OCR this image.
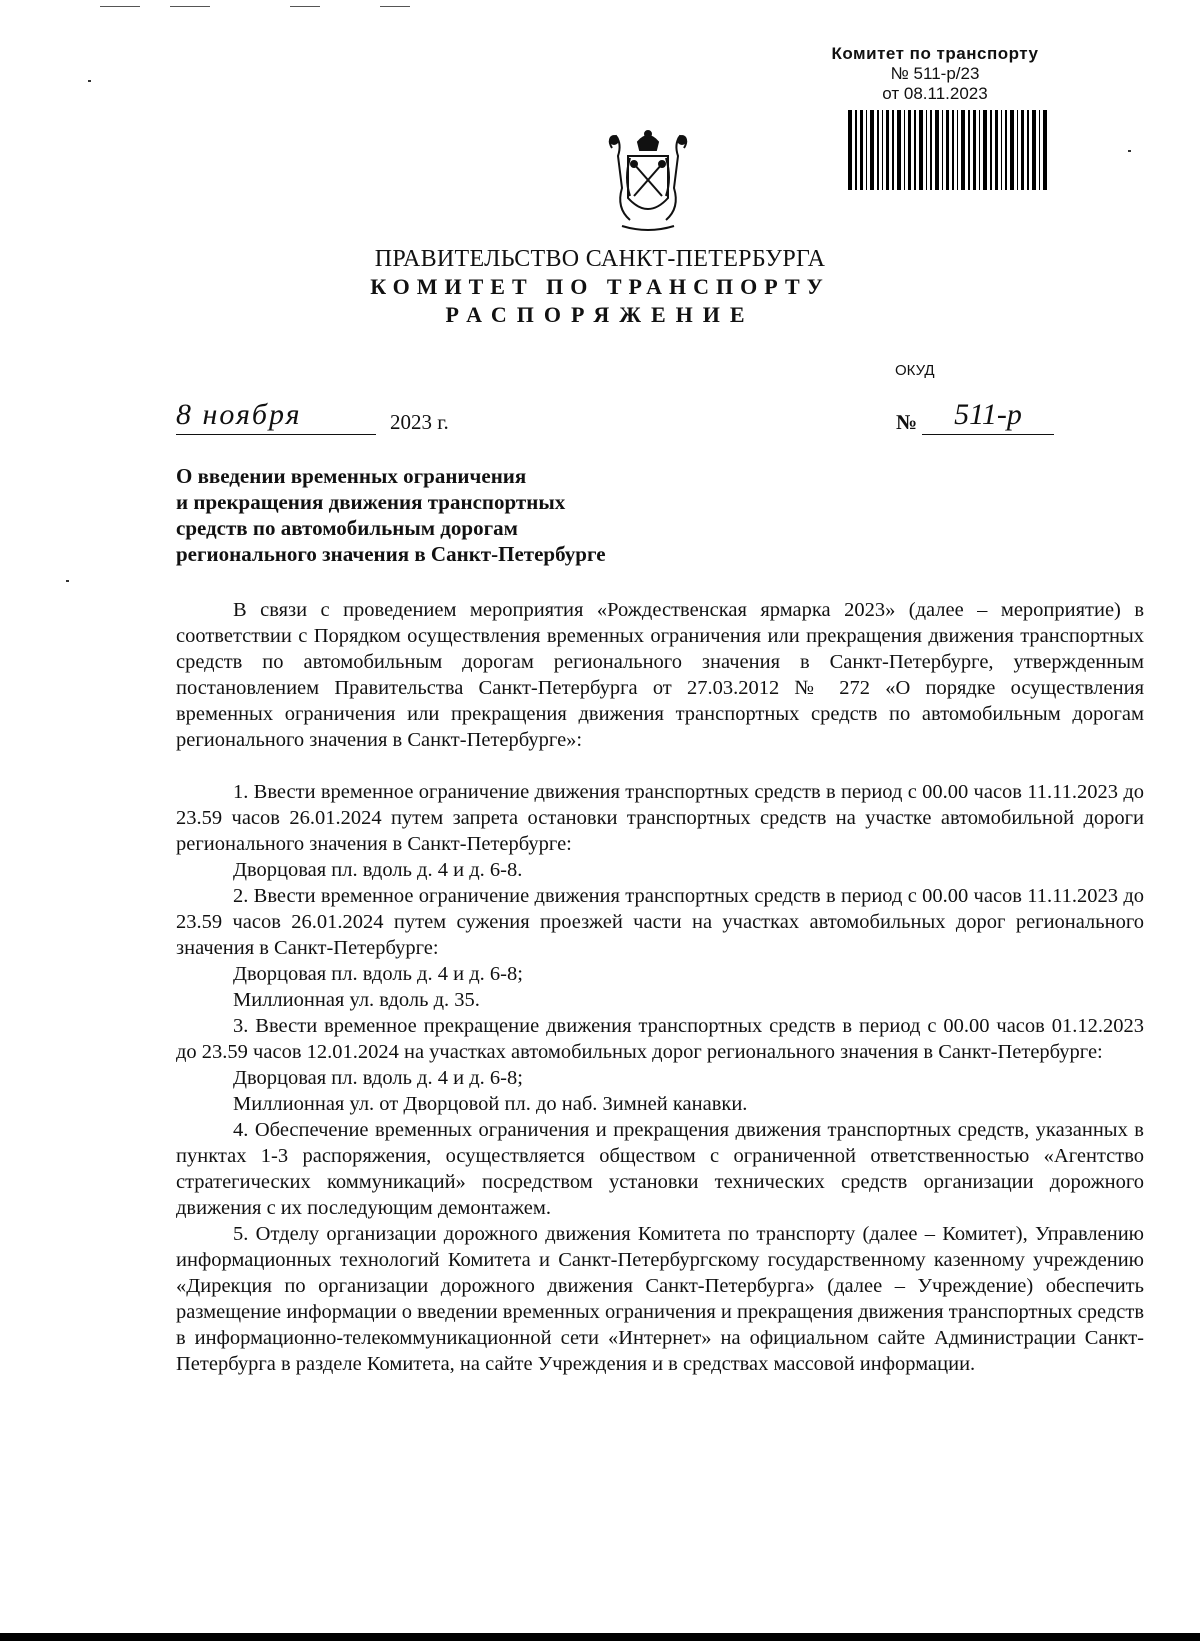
Комитет по транспорту
№ 511-р/23
от 08.11.2023
ПРАВИТЕЛЬСТВО САНКТ-ПЕТЕРБУРГА
КОМИТЕТ ПО ТРАНСПОРТУ
РАСПОРЯЖЕНИЕ
ОКУД
8 ноября	2023 г.	№	511-р
О введении временных ограничения
и прекращения движения транспортных
средств по автомобильным дорогам
регионального значения в Санкт-Петербурге

В связи с проведением мероприятия «Рождественская ярмарка 2023» (далее – мероприятие) в соответствии с Порядком осуществления временных ограничения или прекращения движения транспортных средств по автомобильным дорогам регионального значения в Санкт-Петербурге, утвержденным постановлением Правительства Санкт-Петербурга от 27.03.2012 № 272 «О порядке осуществления временных ограничения или прекращения движения транспортных средств по автомобильным дорогам регионального значения в Санкт-Петербурге»:

1. Ввести временное ограничение движения транспортных средств в период с 00.00 часов 11.11.2023 до 23.59 часов 26.01.2024 путем запрета остановки транспортных средств на участке автомобильной дороги регионального значения в Санкт-Петербурге:

Дворцовая пл. вдоль д. 4 и д. 6-8.

2. Ввести временное ограничение движения транспортных средств в период с 00.00 часов 11.11.2023 до 23.59 часов 26.01.2024 путем сужения проезжей части на участках автомобильных дорог регионального значения в Санкт-Петербурге:

Дворцовая пл. вдоль д. 4 и д. 6-8;

Миллионная ул. вдоль д. 35.

3. Ввести временное прекращение движения транспортных средств в период с 00.00 часов 01.12.2023 до 23.59 часов 12.01.2024 на участках автомобильных дорог регионального значения в Санкт-Петербурге:

Дворцовая пл. вдоль д. 4 и д. 6-8;

Миллионная ул. от Дворцовой пл. до наб. Зимней канавки.

4. Обеспечение временных ограничения и прекращения движения транспортных средств, указанных в пунктах 1-3 распоряжения, осуществляется обществом с ограниченной ответственностью «Агентство стратегических коммуникаций» посредством установки технических средств организации дорожного движения с их последующим демонтажем.

5. Отделу организации дорожного движения Комитета по транспорту (далее – Комитет), Управлению информационных технологий Комитета и Санкт-Петербургскому государственному казенному учреждению «Дирекция по организации дорожного движения Санкт-Петербурга» (далее – Учреждение) обеспечить размещение информации о введении временных ограничения и прекращения движения транспортных средств в информационно-телекоммуникационной сети «Интернет» на официальном сайте Администрации Санкт-Петербурга в разделе Комитета, на сайте Учреждения и в средствах массовой информации.
